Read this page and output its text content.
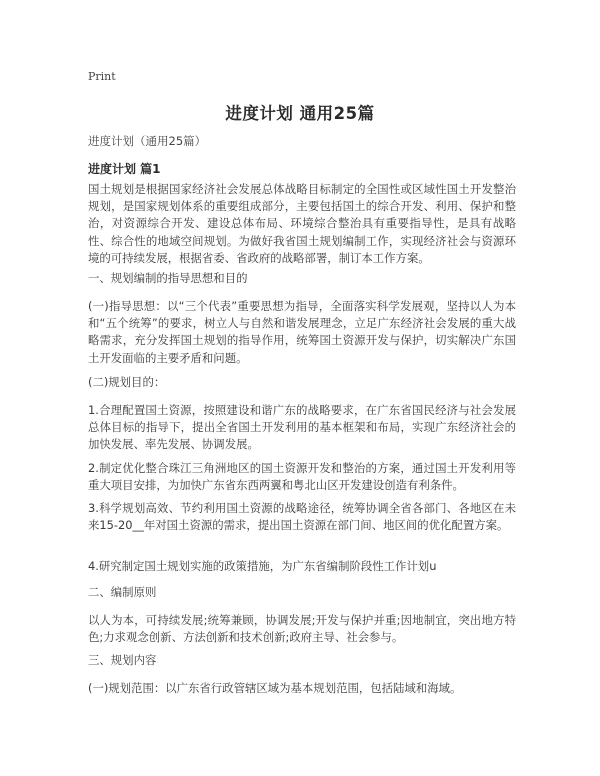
Print
进度计划 通用25篇
进度计划（通用25篇）
进度计划 篇1

国土规划是根据国家经济社会发展总体战略目标制定的全国性或区域性国土开发整治规划，是国家规划体系的重要组成部分，主要包括国土的综合开发、利用、保护和整治，对资源综合开发、建设总体布局、环境综合整治具有重要指导性，是具有战略性、综合性的地域空间规划。为做好我省国土规划编制工作，实现经济社会与资源环境的可持续发展，根据省委、省政府的战略部署，制订本工作方案。

一、规划编制的指导思想和目的

(一)指导思想：以“三个代表”重要思想为指导，全面落实科学发展观，坚持以人为本和“五个统筹”的要求，树立人与自然和谐发展理念，立足广东经济社会发展的重大战略需求，充分发挥国土规划的指导作用，统筹国土资源开发与保护，切实解决广东国土开发面临的主要矛盾和问题。

(二)规划目的：

1.合理配置国土资源，按照建设和谐广东的战略要求，在广东省国民经济与社会发展总体目标的指导下，提出全省国土开发利用的基本框架和布局，实现广东经济社会的加快发展、率先发展、协调发展。

2.制定优化整合珠江三角洲地区的国土资源开发和整治的方案，通过国土开发利用等重大项目安排，为加快广东省东西两翼和粤北山区开发建设创造有利条件。

3.科学规划高效、节约利用国土资源的战略途径，统筹协调全省各部门、各地区在未来15-20__年对国土资源的需求，提出国土资源在部门间、地区间的优化配置方案。

4.研究制定国土规划实施的政策措施，为广东省编制阶段性工作计划u

二、编制原则

以人为本，可持续发展;统筹兼顾，协调发展;开发与保护并重;因地制宜，突出地方特色;力求观念创新、方法创新和技术创新;政府主导、社会参与。

三、规划内容

(一)规划范围：以广东省行政管辖区域为基本规划范围，包括陆域和海域。
